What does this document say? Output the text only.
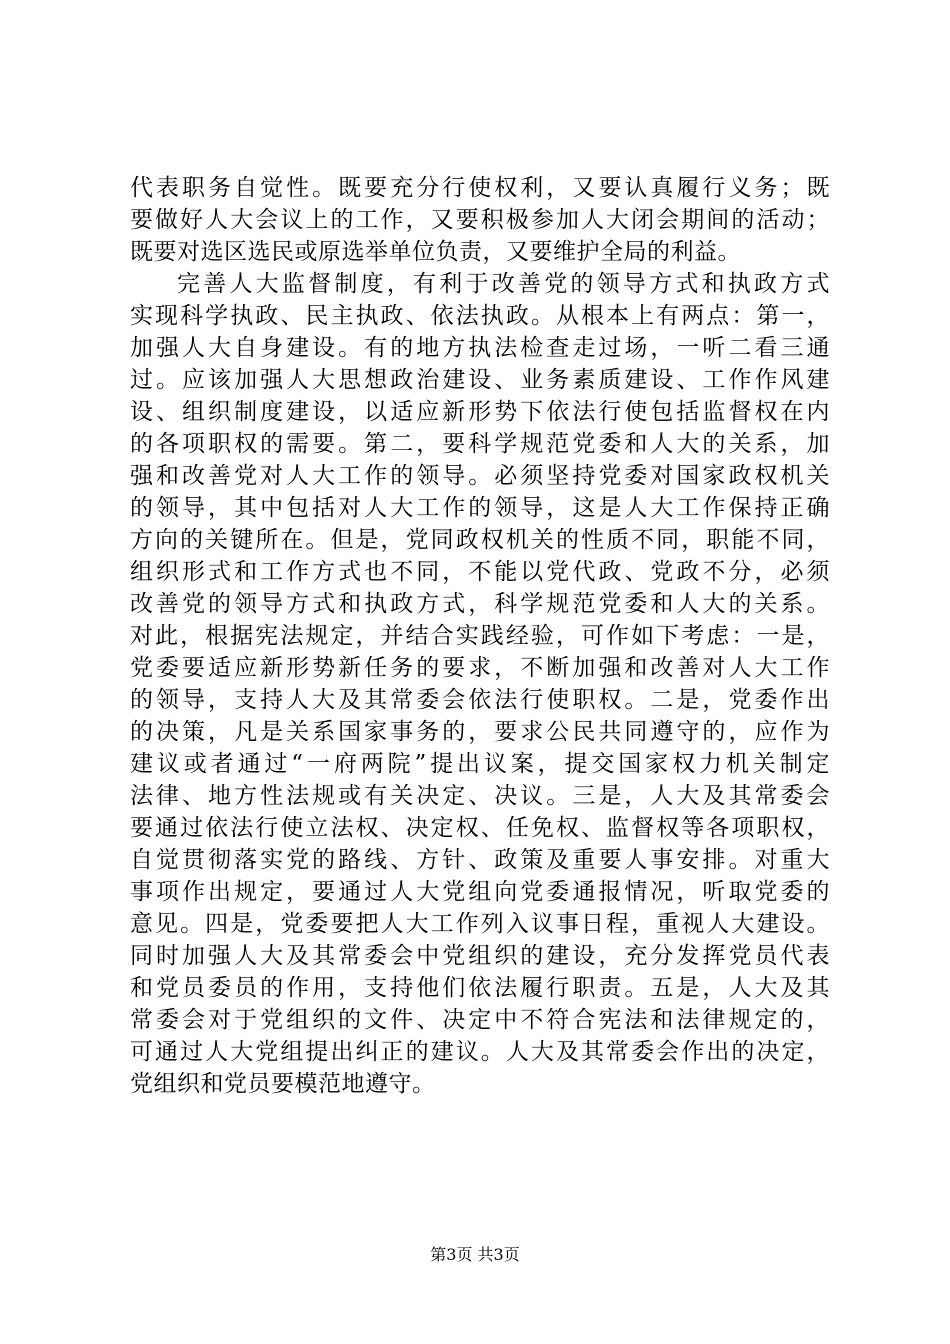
代表职务自觉性。既要充分行使权利，又要认真履行义务；既
要做好人大会议上的工作，又要积极参加人大闭会期间的活动；
既要对选区选民或原选举单位负责，又要维护全局的利益。
完善人大监督制度，有利于改善党的领导方式和执政方式
实现科学执政、民主执政、依法执政。从根本上有两点：第一，
加强人大自身建设。有的地方执法检查走过场，一听二看三通
过。应该加强人大思想政治建设、业务素质建设、工作作风建
设、组织制度建设，以适应新形势下依法行使包括监督权在内
的各项职权的需要。第二，要科学规范党委和人大的关系，加
强和改善党对人大工作的领导。必须坚持党委对国家政权机关
的领导，其中包括对人大工作的领导，这是人大工作保持正确
方向的关键所在。但是，党同政权机关的性质不同，职能不同，
组织形式和工作方式也不同，不能以党代政、党政不分，必须
改善党的领导方式和执政方式，科学规范党委和人大的关系。
对此，根据宪法规定，并结合实践经验，可作如下考虑：一是，
党委要适应新形势新任务的要求，不断加强和改善对人大工作
的领导，支持人大及其常委会依法行使职权。二是，党委作出
的决策，凡是关系国家事务的，要求公民共同遵守的，应作为
建议或者通过“一府两院”提出议案，提交国家权力机关制定
法律、地方性法规或有关决定、决议。三是，人大及其常委会
要通过依法行使立法权、决定权、任免权、监督权等各项职权，
自觉贯彻落实党的路线、方针、政策及重要人事安排。对重大
事项作出规定，要通过人大党组向党委通报情况，听取党委的
意见。四是，党委要把人大工作列入议事日程，重视人大建设。
同时加强人大及其常委会中党组织的建设，充分发挥党员代表
和党员委员的作用，支持他们依法履行职责。五是，人大及其
常委会对于党组织的文件、决定中不符合宪法和法律规定的，
可通过人大党组提出纠正的建议。人大及其常委会作出的决定，
党组织和党员要模范地遵守。
第3页 共3页
